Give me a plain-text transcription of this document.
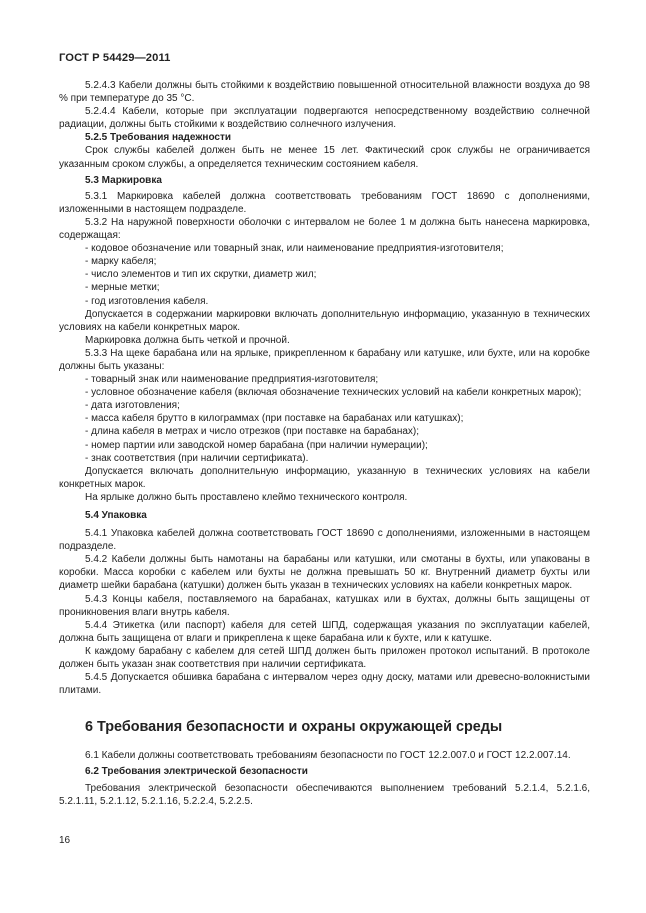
ГОСТ Р 54429—2011

5.2.4.3 Кабели должны быть стойкими к воздействию повышенной относительной влажности воздуха до 98 % при температуре до 35 °С.

5.2.4.4 Кабели, которые при эксплуатации подвергаются непосредственному воздействию солнечной радиации, должны быть стойкими к воздействию солнечного излучения.

5.2.5 Требования надежности

Срок службы кабелей должен быть не менее 15 лет. Фактический срок службы не ограничивается указанным сроком службы, а определяется техническим состоянием кабеля.

5.3 Маркировка

5.3.1 Маркировка кабелей должна соответствовать требованиям ГОСТ 18690 с дополнениями, изложенными в настоящем подразделе.

5.3.2 На наружной поверхности оболочки с интервалом не более 1 м должна быть нанесена маркировка, содержащая:

- кодовое обозначение или товарный знак, или наименование предприятия-изготовителя;

- марку кабеля;

- число элементов и тип их скрутки, диаметр жил;

- мерные метки;

- год изготовления кабеля.

Допускается в содержании маркировки включать дополнительную информацию, указанную в технических условиях на кабели конкретных марок.

Маркировка должна быть четкой и прочной.

5.3.3 На щеке барабана или на ярлыке, прикрепленном к барабану или катушке, или бухте, или на коробке должны быть указаны:

- товарный знак или наименование предприятия-изготовителя;

- условное обозначение кабеля (включая обозначение технических условий на кабели конкретных марок);

- дата изготовления;

- масса кабеля брутто в килограммах (при поставке на барабанах или катушках);

- длина кабеля в метрах и число отрезков (при поставке на барабанах);

- номер партии или заводской номер барабана (при наличии нумерации);

- знак соответствия (при наличии сертификата).

Допускается включать дополнительную информацию, указанную в технических условиях на кабели конкретных марок.

На ярлыке должно быть проставлено клеймо технического контроля.

5.4 Упаковка

5.4.1 Упаковка кабелей должна соответствовать ГОСТ 18690 с дополнениями, изложенными в настоящем подразделе.

5.4.2 Кабели должны быть намотаны на барабаны или катушки, или смотаны в бухты, или упакованы в коробки. Масса коробки с кабелем или бухты не должна превышать 50 кг. Внутренний диаметр бухты или диаметр шейки барабана (катушки) должен быть указан в технических условиях на кабели конкретных марок.

5.4.3 Концы кабеля, поставляемого на барабанах, катушках или в бухтах, должны быть защищены от проникновения влаги внутрь кабеля.

5.4.4 Этикетка (или паспорт) кабеля для сетей ШПД, содержащая указания по эксплуатации кабелей, должна быть защищена от влаги и прикреплена к щеке барабана или к бухте, или к катушке.

К каждому барабану с кабелем для сетей ШПД должен быть приложен протокол испытаний. В протоколе должен быть указан знак соответствия при наличии сертификата.

5.4.5 Допускается обшивка барабана с интервалом через одну доску, матами или древесно-волокнистыми плитами.

6 Требования безопасности и охраны окружающей среды

6.1 Кабели должны соответствовать требованиям безопасности по ГОСТ 12.2.007.0 и ГОСТ 12.2.007.14.

6.2 Требования электрической безопасности

Требования электрической безопасности обеспечиваются выполнением требований 5.2.1.4, 5.2.1.6, 5.2.1.11, 5.2.1.12, 5.2.1.16, 5.2.2.4, 5.2.2.5.

16
